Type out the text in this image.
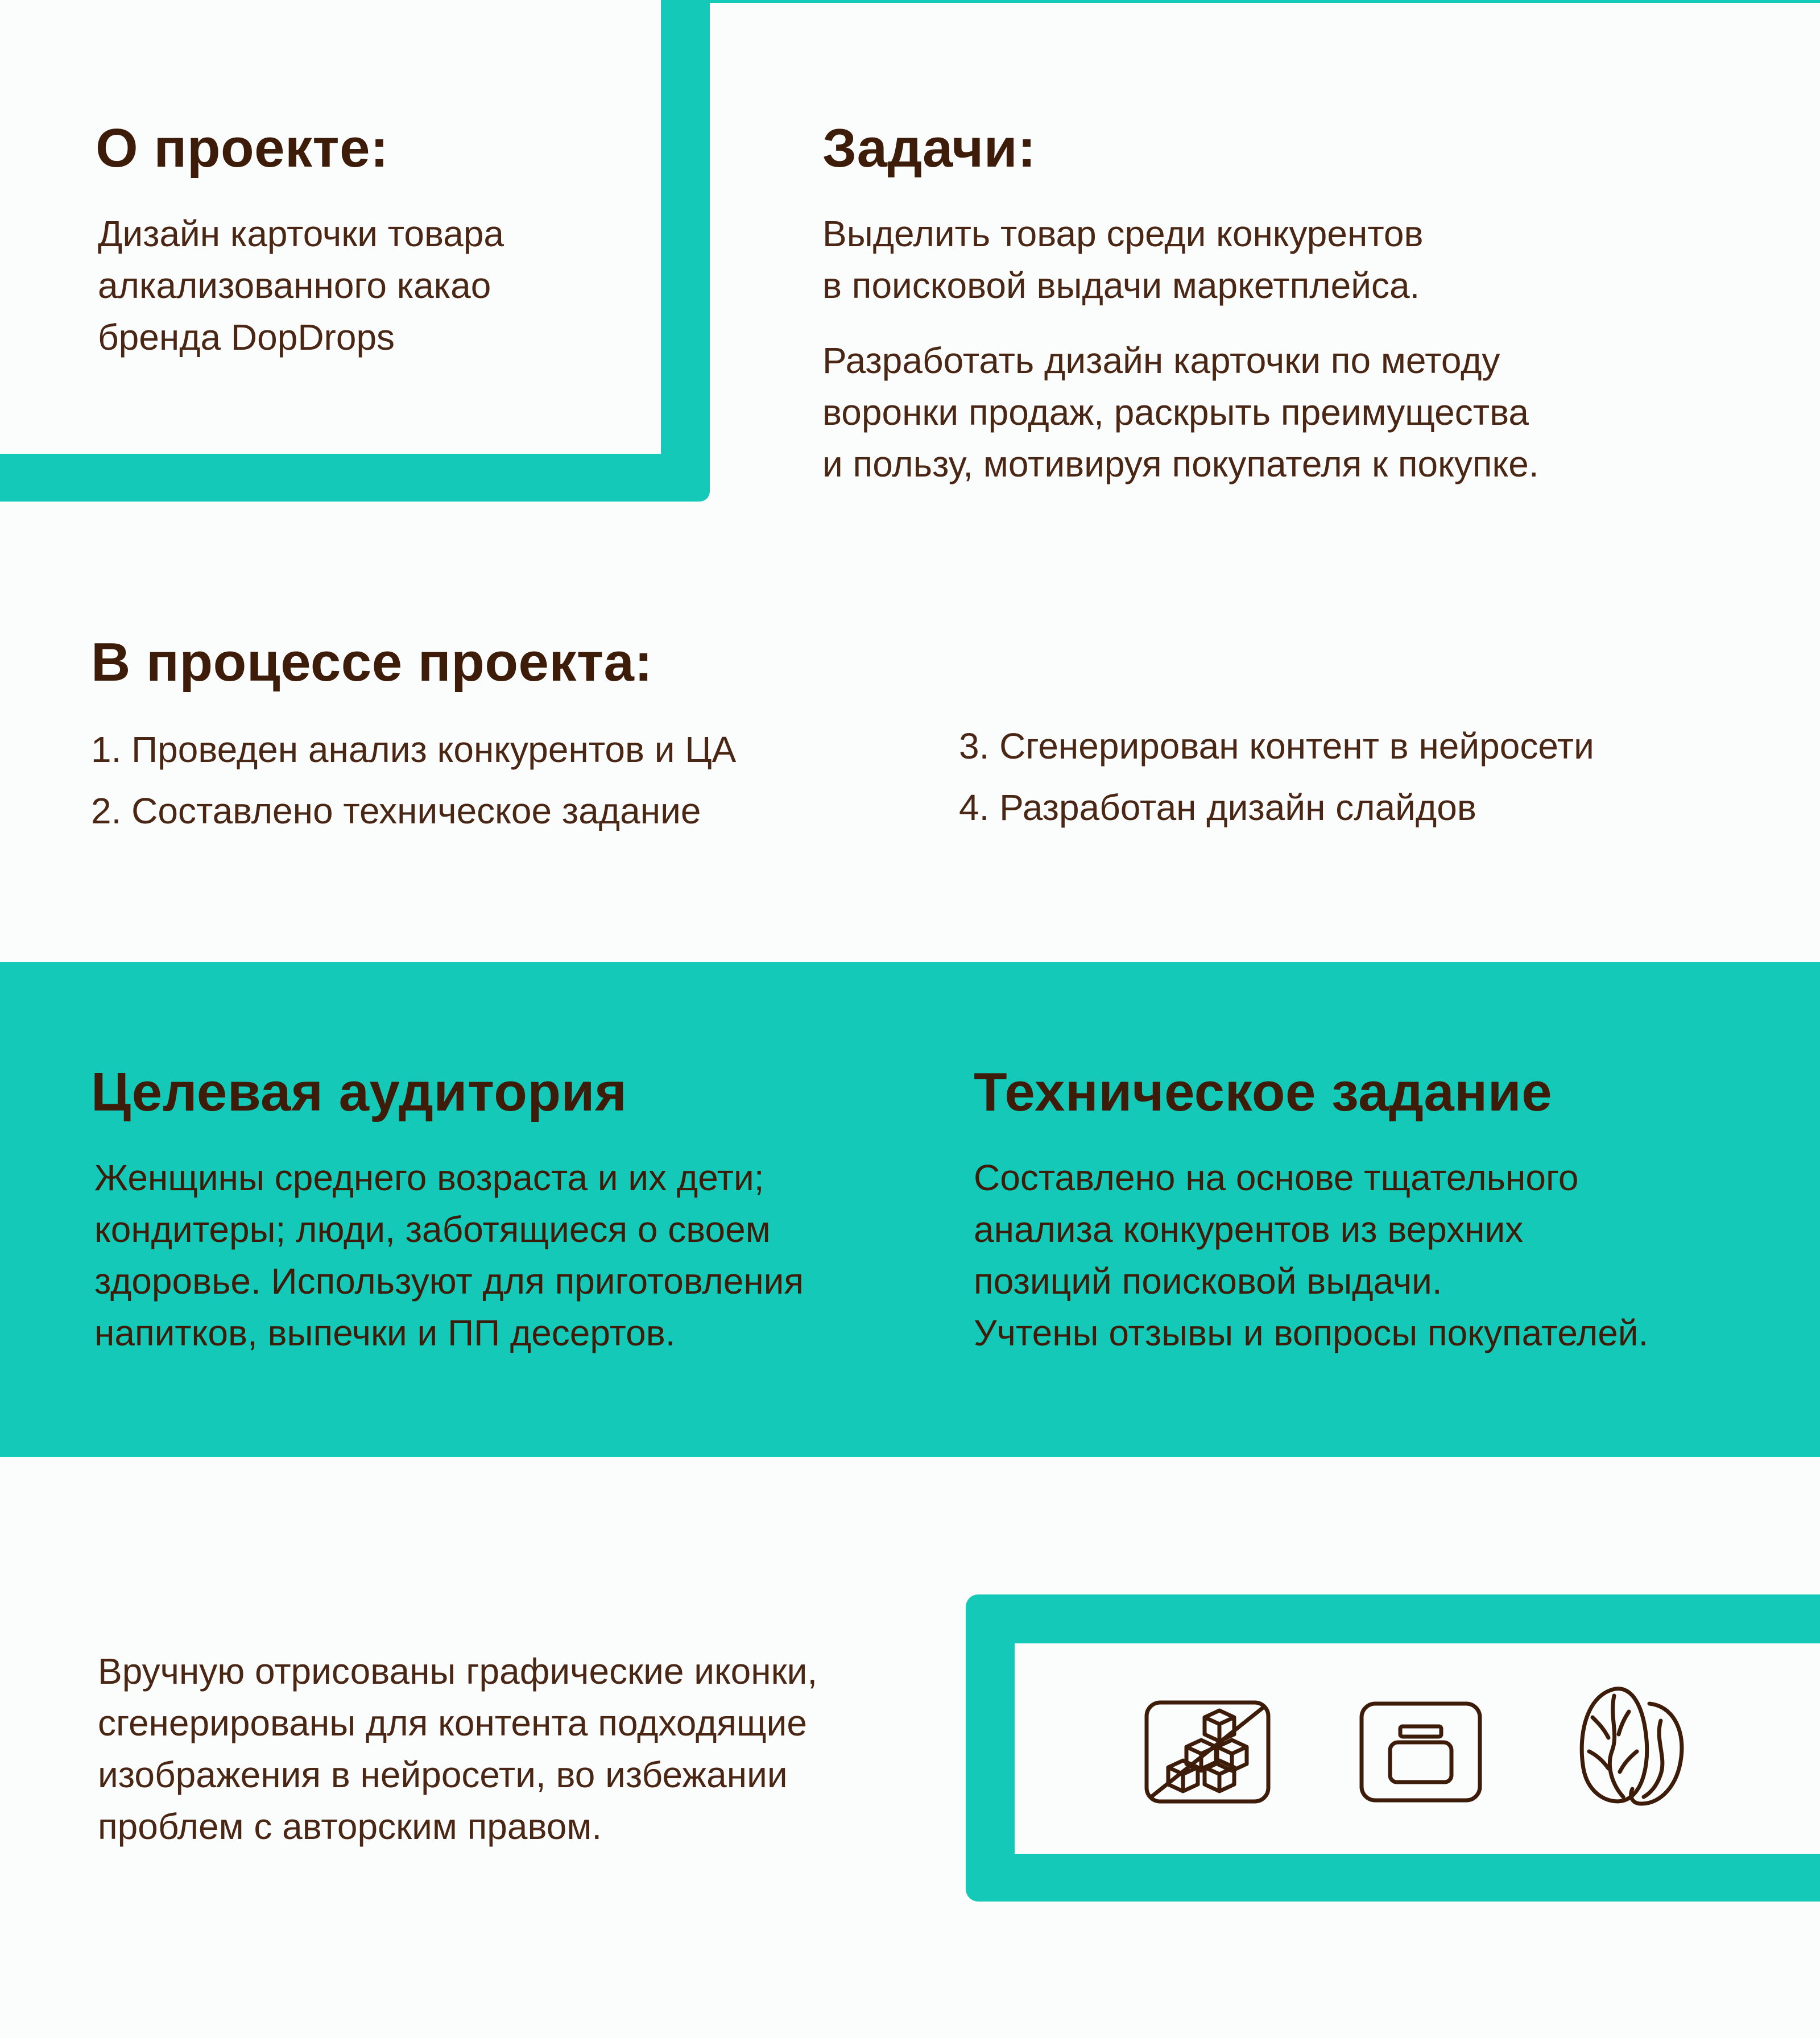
О проекте:

Дизайн карточки товара

алкализованного какао

бренда DopDrops

Задачи:

Выделить товар среди конкурентов

в поисковой выдачи маркетплейса.

Разработать дизайн карточки по методу

воронки продаж, раскрыть преимущества

и пользу, мотивируя покупателя к покупке.

В процессе проекта:
1. Проведен анализ конкурентов и ЦА
2. Составлено техническое задание
3. Сгенерирован контент в нейросети
4. Разработан дизайн слайдов
Целевая аудитория

Женщины среднего возраста и их дети;

кондитеры; люди, заботящиеся о своем

здоровье. Используют для приготовления

напитков, выпечки и ПП десертов.

Техническое задание

Составлено на основе тщательного

анализа конкурентов из верхних

позиций поисковой выдачи.

Учтены отзывы и вопросы покупателей.

Вручную отрисованы графические иконки,

сгенерированы для контента подходящие

изображения в нейросети, во избежании

проблем с авторским правом.
